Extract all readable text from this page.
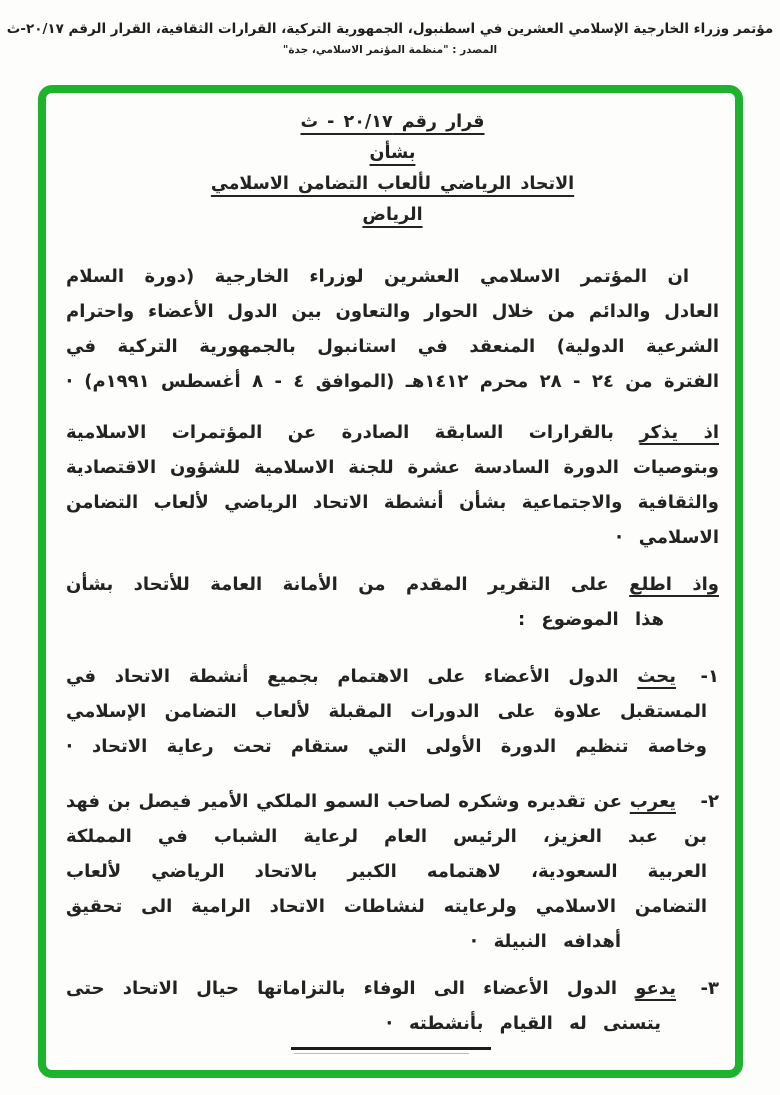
مؤتمر وزراء الخارجية الإسلامي العشرين في اسطنبول، الجمهورية التركية، القرارات الثقافية، القرار الرقم ٢٠/١٧-ث
المصدر : "منظمة المؤتمر الاسلامي، جدة"
قرار رقم ٢٠/١٧ - ث
بشأن
الاتحاد الرياضي لألعاب التضامن الاسلامي
الرياض
ان المؤتمر الاسلامي العشرين لوزراء الخارجية (دورة السلام
العادل والدائم من خلال الحوار والتعاون بين الدول الأعضاء واحترام
الشرعية الدولية) المنعقد في استانبول بالجمهورية التركية في
الفترة من ٢٤ - ٢٨ محرم ١٤١٢هـ (الموافق ٤ - ٨ أغسطس ١٩٩١م) ·
اذ يذكر بالقرارات السابقة الصادرة عن المؤتمرات الاسلامية
وبتوصيات الدورة السادسة عشرة للجنة الاسلامية للشؤون الاقتصادية
والثقافية والاجتماعية بشأن أنشطة الاتحاد الرياضي لألعاب التضامن
الاسلامي ·
واذ اطلع على التقرير المقدم من الأمانة العامة للأتحاد بشأن
هذا الموضوع :
١-
يحث الدول الأعضاء على الاهتمام بجميع أنشطة الاتحاد في
المستقبل علاوة على الدورات المقبلة لألعاب التضامن الإسلامي
وخاصة تنظيم الدورة الأولى التي ستقام تحت رعاية الاتحاد ·
٢-
يعرب عن تقديره وشكره لصاحب السمو الملكي الأمير فيصل بن فهد
بن عبد العزيز، الرئيس العام لرعاية الشباب في المملكة
العربية السعودية، لاهتمامه الكبير بالاتحاد الرياضي لألعاب
التضامن الاسلامي ولرعايته لنشاطات الاتحاد الرامية الى تحقيق
أهدافه النبيلة ·
٣-
يدعو الدول الأعضاء الى الوفاء بالتزاماتها حيال الاتحاد حتى
يتسنى له القيام بأنشطته ·
